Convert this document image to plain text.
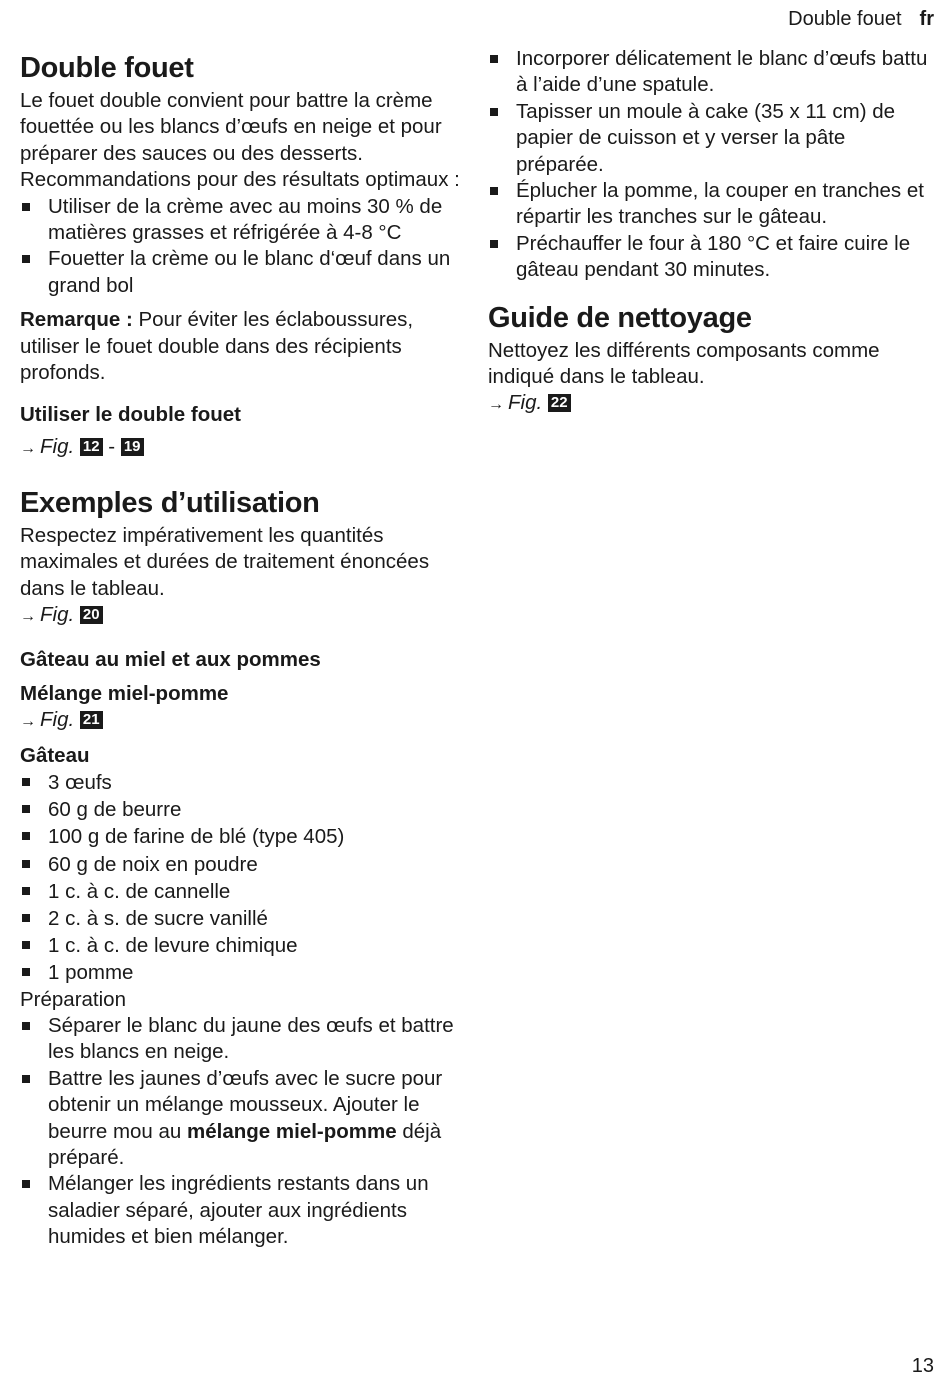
Double fouet fr
Double fouet

Le fouet double convient pour battre la crème fouettée ou les blancs d’œufs en neige et pour préparer des sauces ou des desserts.

Recommandations pour des résultats optimaux :

Utiliser de la crème avec au moins 30 % de matières grasses et réfrigérée à 4-8 °C
Fouetter la crème ou le blanc d‘œuf dans un grand bol

Remarque : Pour éviter les éclaboussures, utiliser le fouet double dans des récipients profonds.

Utiliser le double fouet

→ Fig. 12 - 19

Exemples d’utilisation

Respectez impérativement les quantités maximales et durées de traitement énoncées dans le tableau.

→ Fig. 20

Gâteau au miel et aux pommes
Mélange miel-pomme

→ Fig. 21

Gâteau
3 œufs
60 g de beurre
100 g de farine de blé (type 405)
60 g de noix en poudre
1 c. à c. de cannelle
2 c. à s. de sucre vanillé
1 c. à c. de levure chimique
1 pomme

Préparation

Séparer le blanc du jaune des œufs et battre les blancs en neige.
Battre les jaunes d’œufs avec le sucre pour obtenir un mélange mousseux. Ajouter le beurre mou au mélange miel-pomme déjà préparé.
Mélanger les ingrédients restants dans un saladier séparé, ajouter aux ingrédients humides et bien mélanger.
Incorporer délicatement le blanc d’œufs battu à l’aide d’une spatule.
Tapisser un moule à cake (35 x 11 cm) de papier de cuisson et y verser la pâte préparée.
Éplucher la pomme, la couper en tranches et répartir les tranches sur le gâteau.
Préchauffer le four à 180 °C et faire cuire le gâteau pendant 30 minutes.
Guide de nettoyage

Nettoyez les différents composants comme indiqué dans le tableau.

→ Fig. 22

13
